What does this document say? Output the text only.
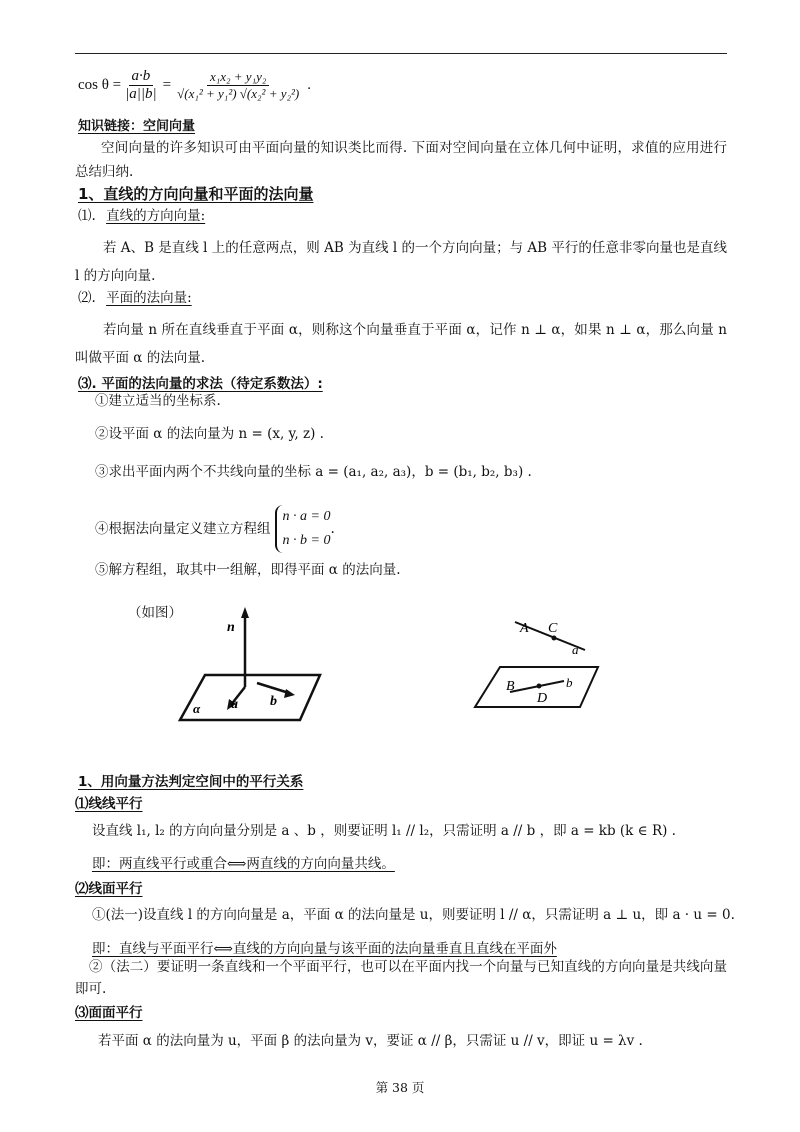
$\cos \theta = \frac{a\cdot b}{|a||b|} = \frac{\text{x₁x₂ + y₁y₂}}{\text{√(x₁² + y₁²) √(x₂² + y₂²)}}$ .
知识链接：空间向量
空间向量的许多知识可由平面向量的知识类比而得. 下面对空间向量在立体几何中证明，求值的应用进行总结归纳.
1、直线的方向向量和平面的法向量
⑴. 直线的方向向量:
若 A、B 是直线 l 上的任意两点，则 AB 为直线 l 的一个方向向量；与 AB 平行的任意非零向量也是直线 l 的方向向量.
⑵. 平面的法向量:
若向量 n 所在直线垂直于平面 α，则称这个向量垂直于平面 α，记作 n ⊥ α，如果 n ⊥ α，那么向量 n 叫做平面 α 的法向量.
⑶. 平面的法向量的求法（待定系数法）:
①建立适当的坐标系.
②设平面 α 的法向量为 n = (x, y, z) .
③求出平面内两个不共线向量的坐标 a = (a₁, a₂, a₃)，b = (b₁, b₂, b₃) .
④根据法向量定义建立方程组
n · a = 0
n · b = 0
.
⑤解方程组，取其中一组解，即得平面 α 的法向量.
（如图）
n
α a b
A C
a
B
D
b
1、用向量方法判定空间中的平行关系
⑴线线平行
设直线 l₁, l₂ 的方向向量分别是 a 、b ，则要证明 l₁ // l₂，只需证明 a // b ，即 a = kb (k ∈ R) .
即：两直线平行或重合⟺两直线的方向向量共线。
⑵线面平行
①(法一)设直线 l 的方向向量是 a，平面 α 的法向量是 u，则要证明 l // α，只需证明 a ⊥ u，即 a · u = 0.
即：直线与平面平行⟺直线的方向向量与该平面的法向量垂直且直线在平面外
②（法二）要证明一条直线和一个平面平行，也可以在平面内找一个向量与已知直线的方向向量是共线向量即可.
⑶面面平行
若平面 α 的法向量为 u，平面 β 的法向量为 v，要证 α // β，只需证 u // v，即证 u = λv .
第 38 页
